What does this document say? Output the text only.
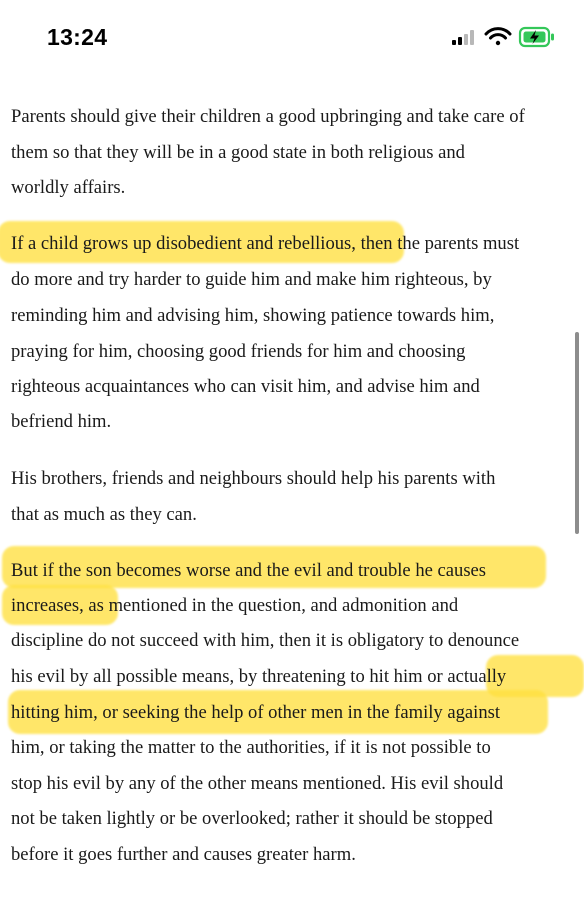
13:24
Parents should give their children a good upbringing and take care of
them so that they will be in a good state in both religious and
worldly affairs.
If a child grows up disobedient and rebellious, then the parents must
do more and try harder to guide him and make him righteous, by
reminding him and advising him, showing patience towards him,
praying for him, choosing good friends for him and choosing
righteous acquaintances who can visit him, and advise him and
befriend him.
His brothers, friends and neighbours should help his parents with
that as much as they can.
But if the son becomes worse and the evil and trouble he causes
increases, as mentioned in the question, and admonition and
discipline do not succeed with him, then it is obligatory to denounce
his evil by all possible means, by threatening to hit him or actually
hitting him, or seeking the help of other men in the family against
him, or taking the matter to the authorities, if it is not possible to
stop his evil by any of the other means mentioned. His evil should
not be taken lightly or be overlooked; rather it should be stopped
before it goes further and causes greater harm.
